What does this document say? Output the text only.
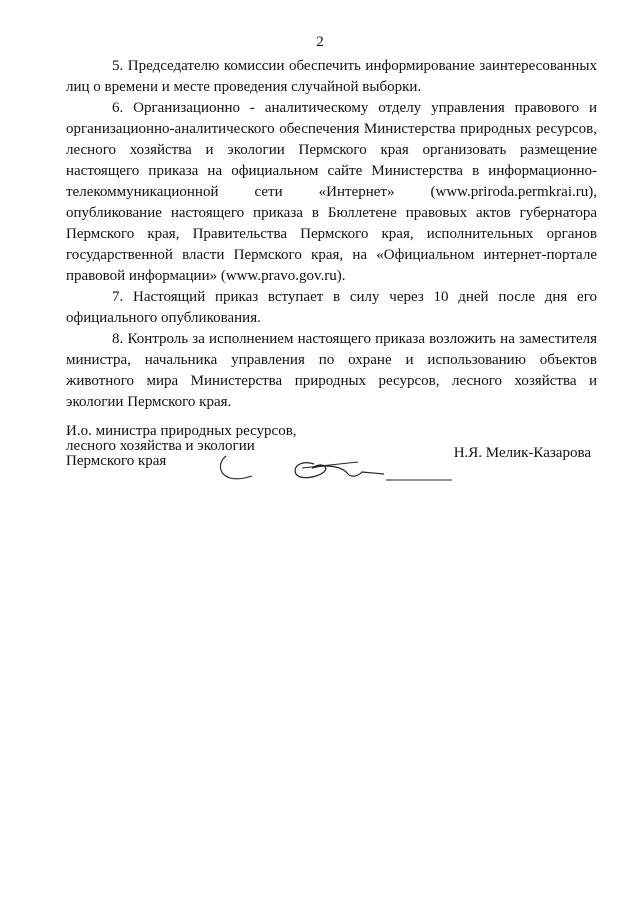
2

5. Председателю комиссии обеспечить информирование заинтересованных лиц о времени и месте проведения случайной выборки.

6. Организационно - аналитическому отделу управления правового и организационно-аналитического обеспечения Министерства природных ресурсов, лесного хозяйства и экологии Пермского края организовать размещение настоящего приказа на официальном сайте Министерства в информационно-телекоммуникационной сети «Интернет» (www.priroda.permkrai.ru), опубликование настоящего приказа в Бюллетене правовых актов губернатора Пермского края, Правительства Пермского края, исполнительных органов государственной власти Пермского края, на «Официальном интернет-портале правовой информации» (www.pravo.gov.ru).

7. Настоящий приказ вступает в силу через 10 дней после дня его официального опубликования.

8. Контроль за исполнением настоящего приказа возложить на заместителя министра, начальника управления по охране и использованию объектов животного мира Министерства природных ресурсов, лесного хозяйства и экологии Пермского края.

И.о. министра природных ресурсов,
лесного хозяйства и экологии
Пермского края	Н.Я. Мелик-Казарова
